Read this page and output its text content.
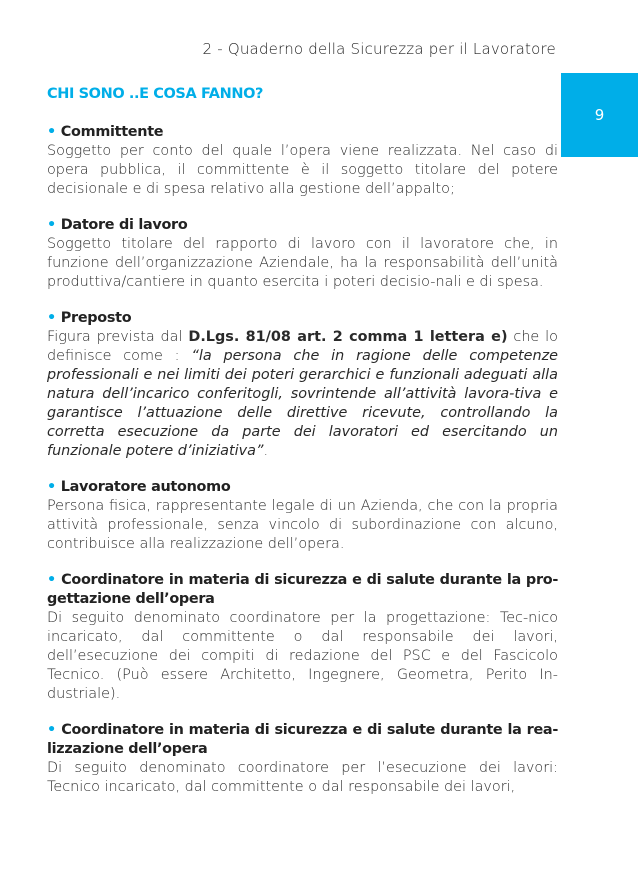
2 - Quaderno della Sicurezza per il Lavoratore
9
CHI SONO ..E COSA FANNO?
• Committente

Soggetto per conto del quale l’opera viene realizzata. Nel caso di opera pubblica, il committente è il soggetto titolare del potere decisionale e di spesa relativo alla gestione dell’appalto;

• Datore di lavoro

Soggetto titolare del rapporto di lavoro con il lavoratore che, in funzione dell’organizzazione Aziendale, ha la responsabilità dell’unità produttiva/cantiere in quanto esercita i poteri decisio-nali e di spesa.

• Preposto

Figura prevista dal D.Lgs. 81/08 art. 2 comma 1 lettera e) che lo definisce come : “la persona che in ragione delle competenze professionali e nei limiti dei poteri gerarchici e funzionali adeguati alla natura dell’incarico conferitogli, sovrintende all’attività lavora-tiva e garantisce l’attuazione delle direttive ricevute, controllando la corretta esecuzione da parte dei lavoratori ed esercitando un funzionale potere d’iniziativa”.

• Lavoratore autonomo

Persona fisica, rappresentante legale di un Azienda, che con la propria attività professionale, senza vincolo di subordinazione con alcuno, contribuisce alla realizzazione dell’opera.

• Coordinatore in materia di sicurezza e di salute durante la pro-gettazione dell’opera

Di seguito denominato coordinatore per la progettazione: Tec-nico incaricato, dal committente o dal responsabile dei lavori, dell’esecuzione dei compiti di redazione del PSC e del Fascicolo Tecnico. (Può essere Architetto, Ingegnere, Geometra, Perito In-dustriale).

• Coordinatore in materia di sicurezza e di salute durante la rea-lizzazione dell’opera

Di seguito denominato coordinatore per l’esecuzione dei lavori: Tecnico incaricato, dal committente o dal responsabile dei lavori,
